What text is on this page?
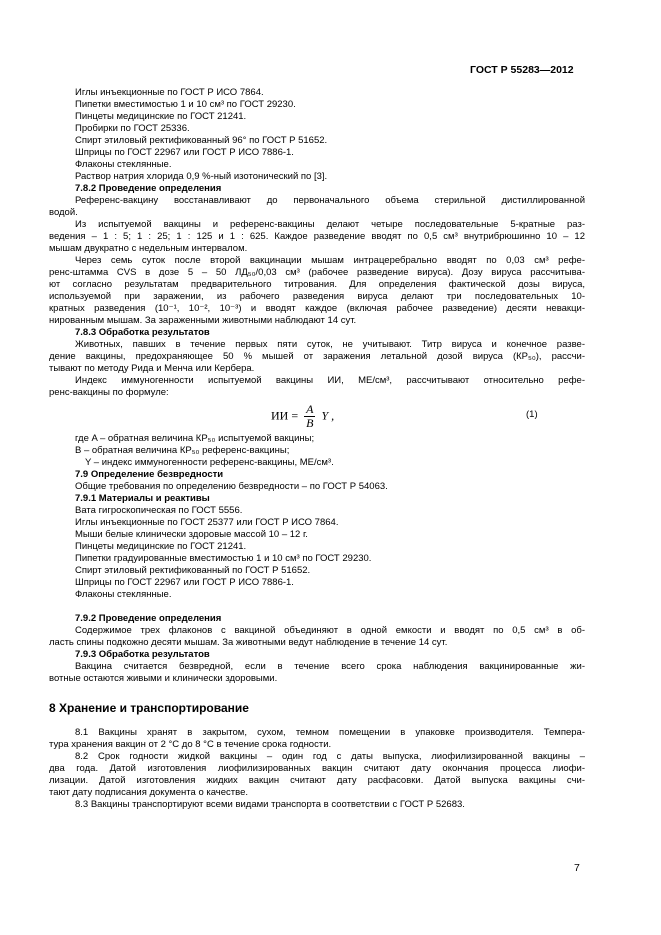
ГОСТ Р 55283—2012
Иглы инъекционные по ГОСТ Р ИСО 7864.
Пипетки вместимостью 1 и 10 см³ по ГОСТ 29230.
Пинцеты медицинские по ГОСТ 21241.
Пробирки по ГОСТ 25336.
Спирт этиловый ректификованный 96° по ГОСТ Р 51652.
Шприцы по ГОСТ 22967 или ГОСТ Р ИСО 7886-1.
Флаконы стеклянные.
Раствор натрия хлорида 0,9 %-ный изотонический по [3].
7.8.2 Проведение определения
Референс-вакцину восстанавливают до первоначального объема стерильной дистиллированной
водой.
Из испытуемой вакцины и референс-вакцины делают четыре последовательные 5-кратные раз-
ведения – 1 : 5; 1 : 25; 1 : 125 и 1 : 625. Каждое разведение вводят по 0,5 см³ внутрибрюшинно 10 – 12
мышам двукратно с недельным интервалом.
Через семь суток после второй вакцинации мышам интрацеребрально вводят по 0,03 см³ рефе-
ренс-штамма CVS в дозе 5 – 50 ЛД₅₀/0,03 см³ (рабочее разведение вируса). Дозу вируса рассчитыва-
ют согласно результатам предварительного титрования. Для определения фактической дозы вируса,
используемой при заражении, из рабочего разведения вируса делают три последовательных 10-
кратных разведения (10⁻¹, 10⁻², 10⁻³) и вводят каждое (включая рабочее разведение) десяти невакци-
нированным мышам. За зараженными животными наблюдают 14 сут.
7.8.3 Обработка результатов
Животных, павших в течение первых пяти суток, не учитывают. Титр вируса и конечное разве-
дение вакцины, предохраняющее 50 % мышей от заражения летальной дозой вируса (КР₅₀), рассчи-
тывают по методу Рида и Менча или Кербера.
Индекс иммуногенности испытуемой вакцины ИИ, МЕ/см³, рассчитывают относительно рефе-
ренс-вакцины по формуле:
ИИ = $\frac{A}{B}$ Y ,	(1)
где A – обратная величина КР₅₀ испытуемой вакцины;
B – обратная величина КР₅₀ референс-вакцины;
Y – индекс иммуногенности референс-вакцины, МЕ/см³.
7.9 Определение безвредности
Общие требования по определению безвредности – по ГОСТ Р 54063.
7.9.1 Материалы и реактивы
Вата гигроскопическая по ГОСТ 5556.
Иглы инъекционные по ГОСТ 25377 или ГОСТ Р ИСО 7864.
Мыши белые клинически здоровые массой 10 – 12 г.
Пинцеты медицинские по ГОСТ 21241.
Пипетки градуированные вместимостью 1 и 10 см³ по ГОСТ 29230.
Спирт этиловый ректификованный по ГОСТ Р 51652.
Шприцы по ГОСТ 22967 или ГОСТ Р ИСО 7886-1.
Флаконы стеклянные.
7.9.2 Проведение определения
Содержимое трех флаконов с вакциной объединяют в одной емкости и вводят по 0,5 см³ в об-
ласть спины подкожно десяти мышам. За животными ведут наблюдение в течение 14 сут.
7.9.3 Обработка результатов
Вакцина считается безвредной, если в течение всего срока наблюдения вакцинированные жи-
вотные остаются живыми и клинически здоровыми.
8 Хранение и транспортирование
8.1 Вакцины хранят в закрытом, сухом, темном помещении в упаковке производителя. Темпера-
тура хранения вакцин от 2 °С до 8 °С в течение срока годности.
8.2 Срок годности жидкой вакцины – один год с даты выпуска, лиофилизированной вакцины –
два года. Датой изготовления лиофилизированных вакцин считают дату окончания процесса лиофи-
лизации. Датой изготовления жидких вакцин считают дату расфасовки. Датой выпуска вакцины счи-
тают дату подписания документа о качестве.
8.3 Вакцины транспортируют всеми видами транспорта в соответствии с ГОСТ Р 52683.
7
